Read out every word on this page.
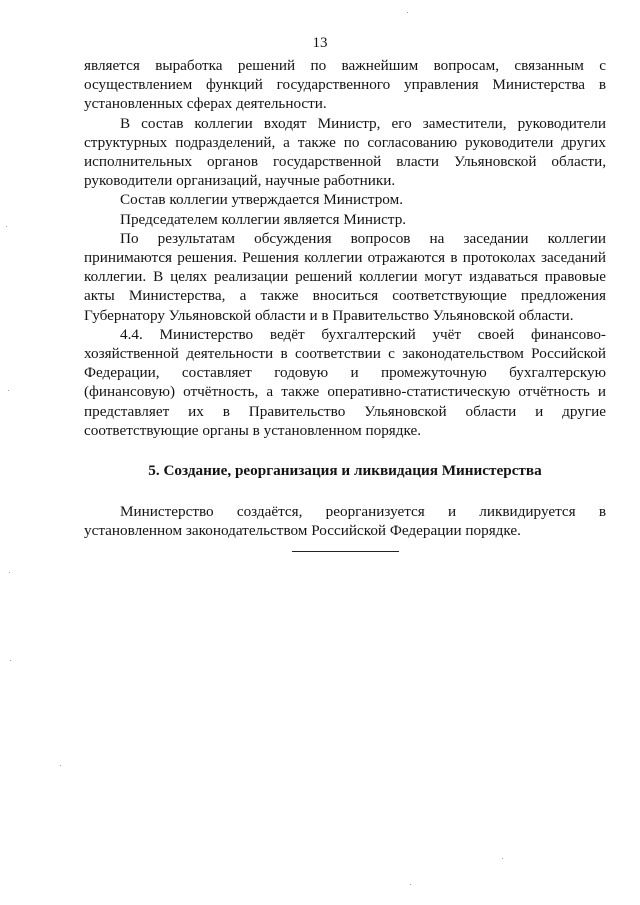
13

является выработка решений по важнейшим вопросам, связанным с осуществлением функций государственного управления Министерства в установленных сферах деятельности.

В состав коллегии входят Министр, его заместители, руководители структурных подразделений, а также по согласованию руководители других исполнительных органов государственной власти Ульяновской области, руководители организаций, научные работники.

Состав коллегии утверждается Министром.

Председателем коллегии является Министр.

По результатам обсуждения вопросов на заседании коллегии принимаются решения. Решения коллегии отражаются в протоколах заседаний коллегии. В целях реализации решений коллегии могут издаваться правовые акты Министерства, а также вноситься соответствующие предложения Губернатору Ульяновской области и в Правительство Ульяновской области.

4.4. Министерство ведёт бухгалтерский учёт своей финансово-хозяйственной деятельности в соответствии с законодательством Российской Федерации, составляет годовую и промежуточную бухгалтерскую (финансовую) отчётность, а также оперативно-статистическую отчётность и представляет их в Правительство Ульяновской области и другие соответствующие органы в установленном порядке.

5. Создание, реорганизация и ликвидация Министерства

Министерство создаётся, реорганизуется и ликвидируется в установленном законодательством Российской Федерации порядке.
